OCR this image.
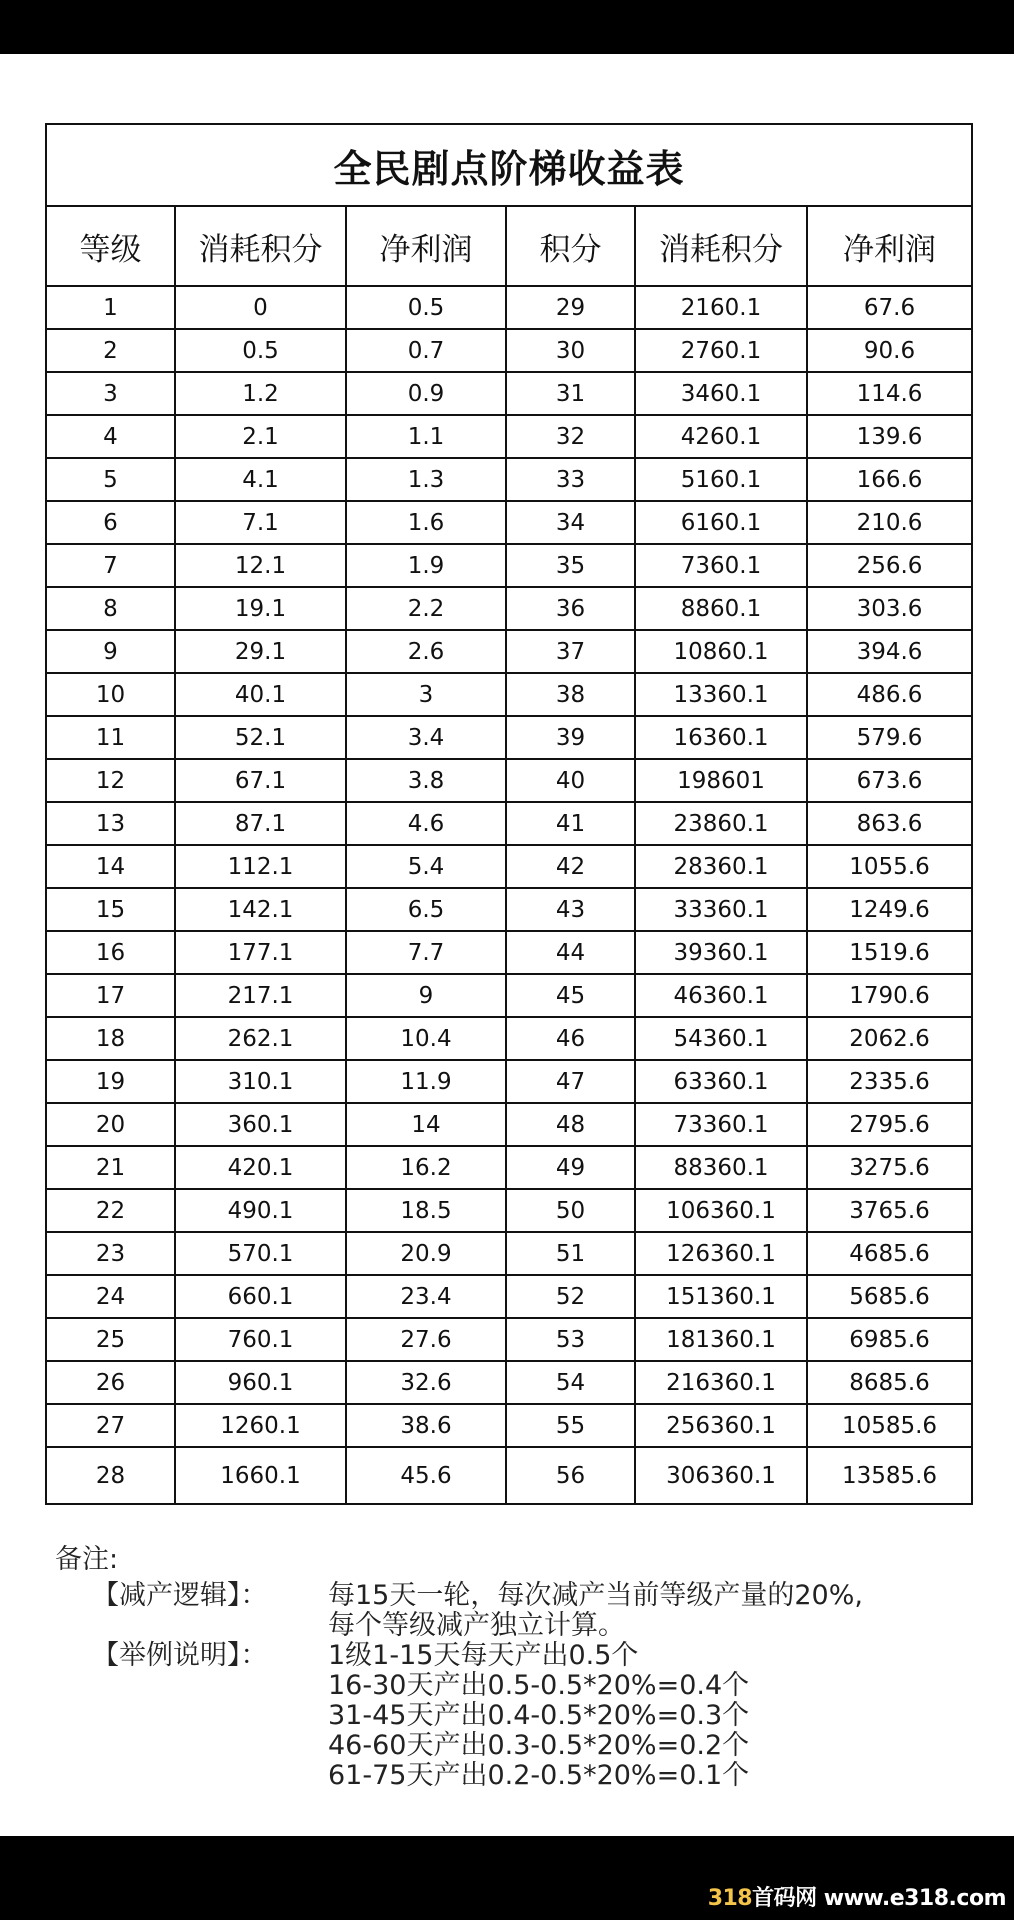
全民剧点阶梯收益表					
等级	消耗积分	净利润	积分	消耗积分	净利润
1	0	0.5	29	2160.1	67.6
2	0.5	0.7	30	2760.1	90.6
3	1.2	0.9	31	3460.1	114.6
4	2.1	1.1	32	4260.1	139.6
5	4.1	1.3	33	5160.1	166.6
6	7.1	1.6	34	6160.1	210.6
7	12.1	1.9	35	7360.1	256.6
8	19.1	2.2	36	8860.1	303.6
9	29.1	2.6	37	10860.1	394.6
10	40.1	3	38	13360.1	486.6
11	52.1	3.4	39	16360.1	579.6
12	67.1	3.8	40	198601	673.6
13	87.1	4.6	41	23860.1	863.6
14	112.1	5.4	42	28360.1	1055.6
15	142.1	6.5	43	33360.1	1249.6
16	177.1	7.7	44	39360.1	1519.6
17	217.1	9	45	46360.1	1790.6
18	262.1	10.4	46	54360.1	2062.6
19	310.1	11.9	47	63360.1	2335.6
20	360.1	14	48	73360.1	2795.6
21	420.1	16.2	49	88360.1	3275.6
22	490.1	18.5	50	106360.1	3765.6
23	570.1	20.9	51	126360.1	4685.6
24	660.1	23.4	52	151360.1	5685.6
25	760.1	27.6	53	181360.1	6985.6
26	960.1	32.6	54	216360.1	8685.6
27	1260.1	38.6	55	256360.1	10585.6
28	1660.1	45.6	56	306360.1	13585.6
备注:
【减产逻辑】： 每15天一轮，每次减产当前等级产量的20%,
每个等级减产独立计算。
【举例说明】： 1级1-15天每天产出0.5个
16-30天产出0.5-0.5*20%=0.4个
31-45天产出0.4-0.5*20%=0.3个
46-60天产出0.3-0.5*20%=0.2个
61-75天产出0.2-0.5*20%=0.1个
318首码网 www.e318.com
